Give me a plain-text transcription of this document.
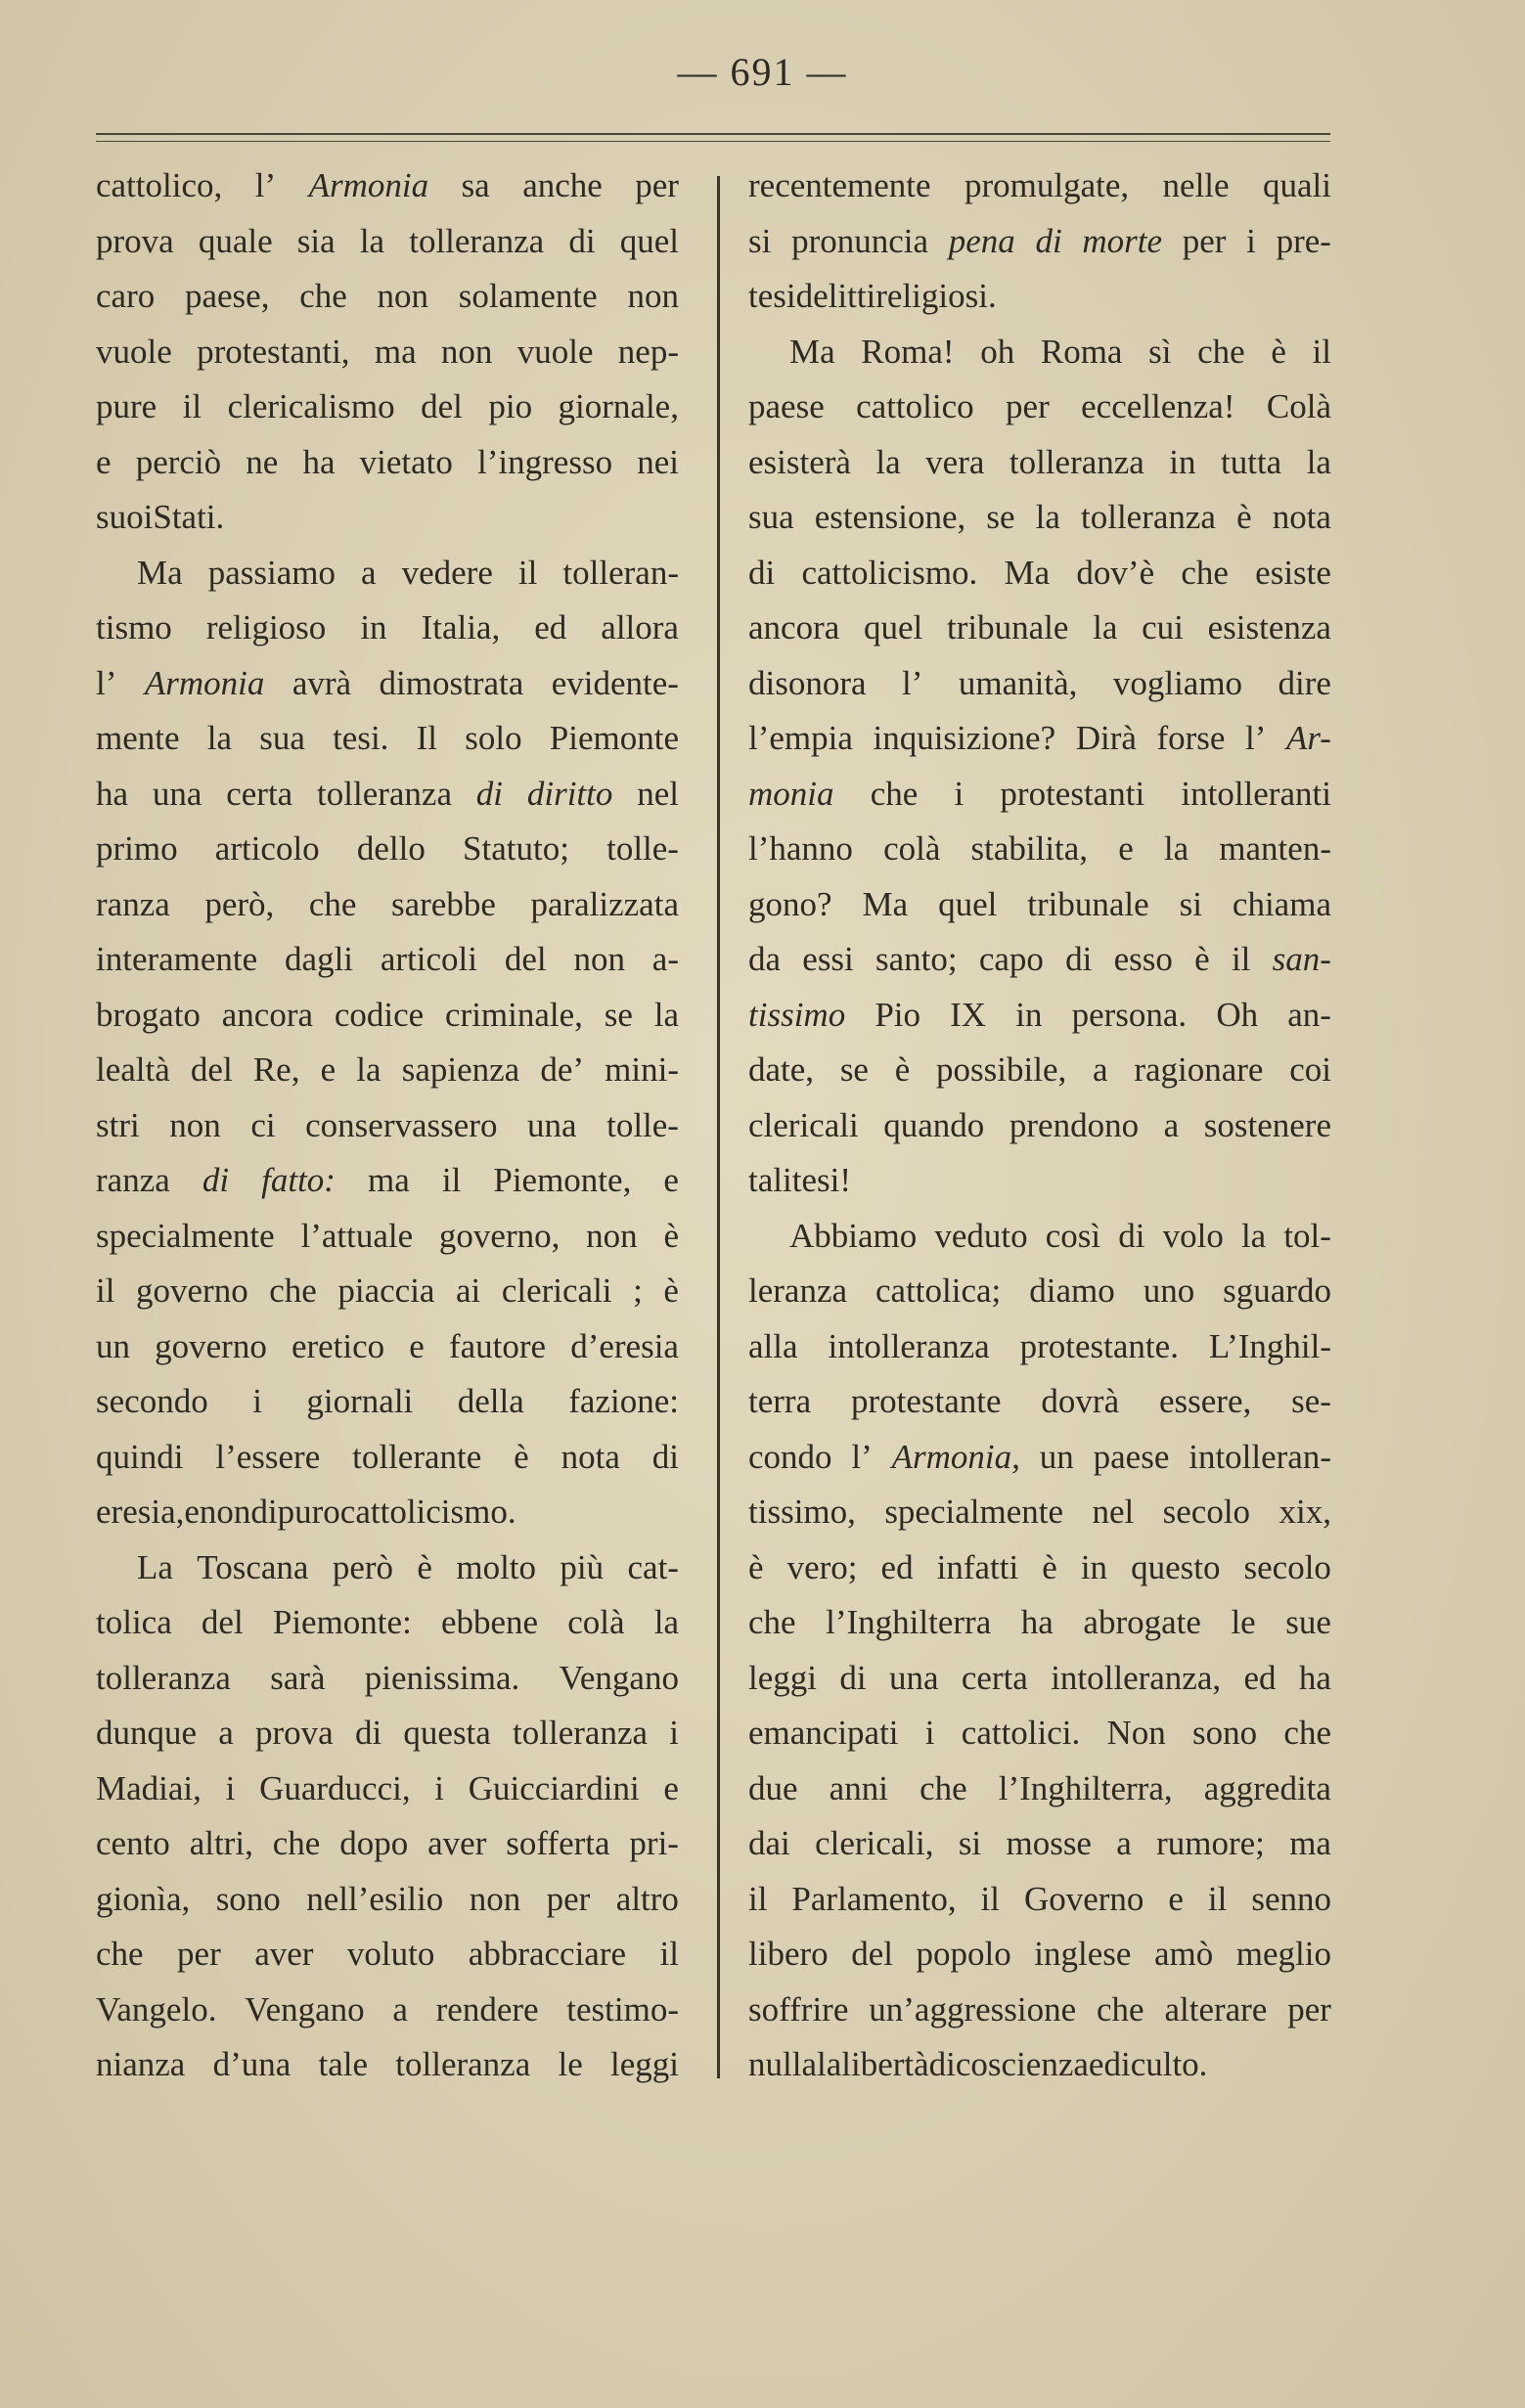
— 691 —
cattolico, l’ Armonia sa anche per
prova quale sia la tolleranza di quel
caro paese, che non solamente non
vuole protestanti, ma non vuole nep-
pure il clericalismo del pio giornale,
e perciò ne ha vietato l’ingresso nei
suoi Stati.
Ma passiamo a vedere il tolleran-
tismo religioso in Italia, ed allora
l’ Armonia avrà dimostrata evidente-
mente la sua tesi. Il solo Piemonte
ha una certa tolleranza di diritto nel
primo articolo dello Statuto; tolle-
ranza però, che sarebbe paralizzata
interamente dagli articoli del non a-
brogato ancora codice criminale, se la
lealtà del Re, e la sapienza de’ mini-
stri non ci conservassero una tolle-
ranza di fatto: ma il Piemonte, e
specialmente l’attuale governo, non è
il governo che piaccia ai clericali ; è
un governo eretico e fautore d’eresia
secondo i giornali della fazione:
quindi l’essere tollerante è nota di
eresia, e non di puro cattolicismo.
La Toscana però è molto più cat-
tolica del Piemonte: ebbene colà la
tolleranza sarà pienissima. Vengano
dunque a prova di questa tolleranza i
Madiai, i Guarducci, i Guicciardini e
cento altri, che dopo aver sofferta pri-
gionìa, sono nell’esilio non per altro
che per aver voluto abbracciare il
Vangelo. Vengano a rendere testimo-
nianza d’una tale tolleranza le leggi
recentemente promulgate, nelle quali
si pronuncia pena di morte per i pre-
tesi delitti religiosi.
Ma Roma! oh Roma sì che è il
paese cattolico per eccellenza! Colà
esisterà la vera tolleranza in tutta la
sua estensione, se la tolleranza è nota
di cattolicismo. Ma dov’è che esiste
ancora quel tribunale la cui esistenza
disonora l’ umanità, vogliamo dire
l’empia inquisizione? Dirà forse l’ Ar-
monia che i protestanti intolleranti
l’hanno colà stabilita, e la manten-
gono? Ma quel tribunale si chiama
da essi santo; capo di esso è il san-
tissimo Pio IX in persona. Oh an-
date, se è possibile, a ragionare coi
clericali quando prendono a sostenere
tali tesi!
Abbiamo veduto così di volo la tol-
leranza cattolica; diamo uno sguardo
alla intolleranza protestante. L’Inghil-
terra protestante dovrà essere, se-
condo l’ Armonia, un paese intolleran-
tissimo, specialmente nel secolo xix,
è vero; ed infatti è in questo secolo
che l’Inghilterra ha abrogate le sue
leggi di una certa intolleranza, ed ha
emancipati i cattolici. Non sono che
due anni che l’Inghilterra, aggredita
dai clericali, si mosse a rumore; ma
il Parlamento, il Governo e il senno
libero del popolo inglese amò meglio
soffrire un’aggressione che alterare per
nulla la libertà di coscienza e di culto.
